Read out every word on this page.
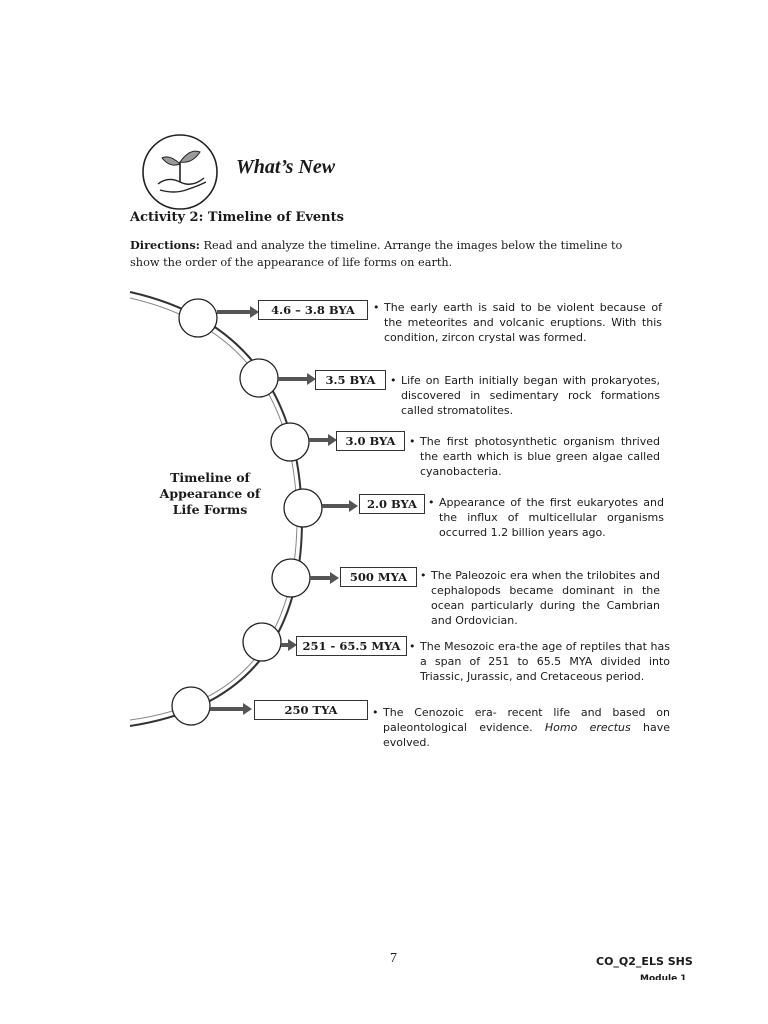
What’s New
Activity 2: Timeline of Events

Directions: Read and analyze the timeline. Arrange the images below the timeline to show the order of the appearance of life forms on earth.

Timeline of
Appearance of
Life Forms

4.6 – 3.8 BYA
3.5 BYA
3.0 BYA
2.0 BYA
500 MYA
251 - 65.5 MYA
250 TYA

• The early earth is said to be violent because of the meteorites and volcanic eruptions. With this condition, zircon crystal was formed.

• Life on Earth initially began with prokaryotes, discovered in sedimentary rock formations called stromatolites.

• The first photosynthetic organism thrived the earth which is blue green algae called cyanobacteria.

• Appearance of the first eukaryotes and the influx of multicellular organisms occurred 1.2 billion years ago.

• The Paleozoic era when the trilobites and cephalopods became dominant in the ocean particularly during the Cambrian and Ordovician.

• The Mesozoic era-the age of reptiles that has a span of 251 to 65.5 MYA divided into Triassic, Jurassic, and Cretaceous period.

• The Cenozoic era- recent life and based on paleontological evidence. Homo erectus have evolved.

7	CO_Q2_ELS SHS
Module 1
